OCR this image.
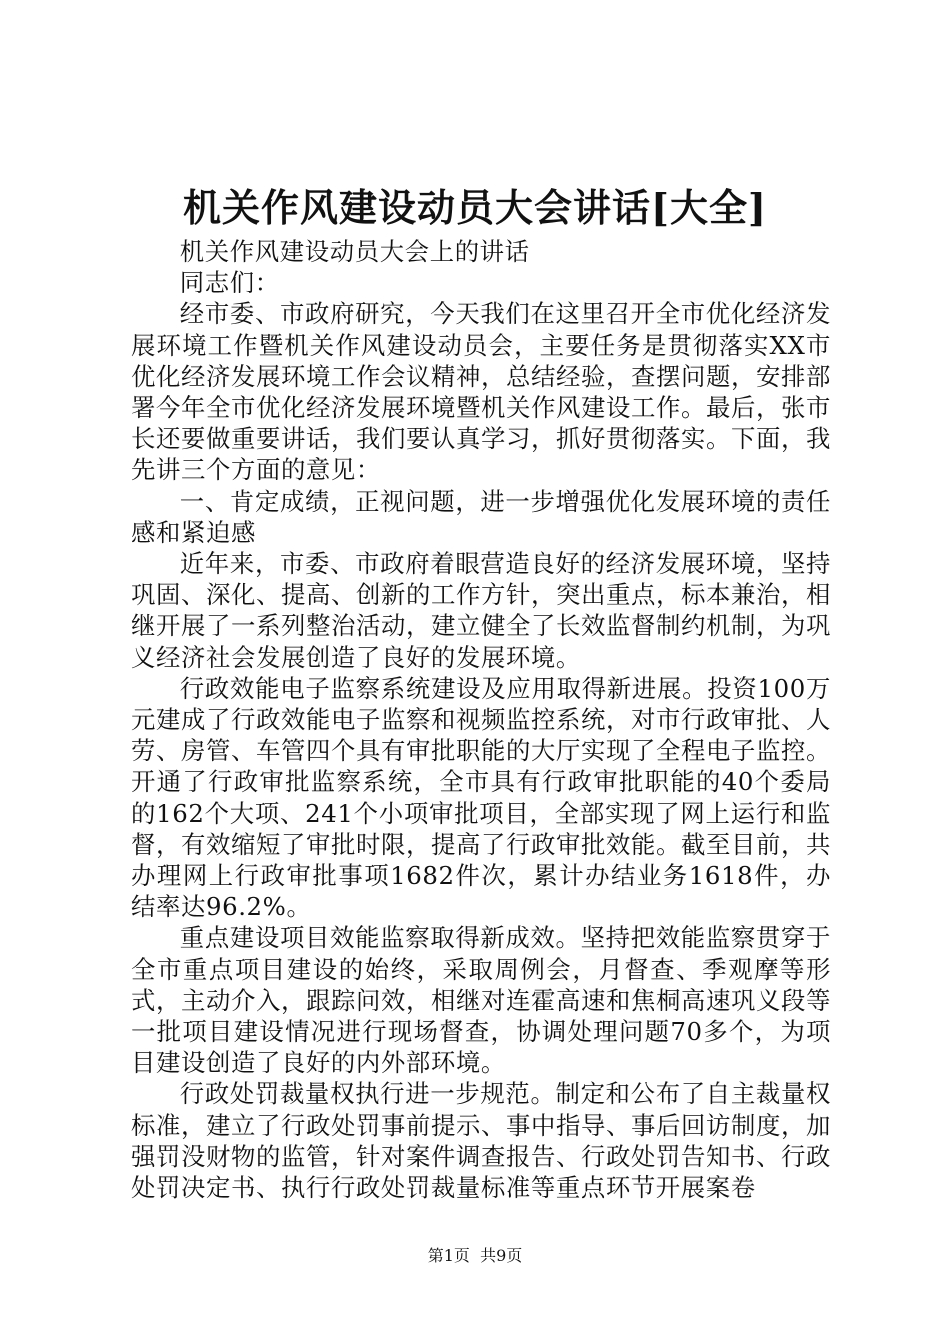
机关作风建设动员大会讲话[大全]

机关作风建设动员大会上的讲话

同志们：

经市委、市政府研究，今天我们在这里召开全市优化经济发展环境工作暨机关作风建设动员会，主要任务是贯彻落实XX市优化经济发展环境工作会议精神，总结经验，查摆问题，安排部署今年全市优化经济发展环境暨机关作风建设工作。最后，张市长还要做重要讲话，我们要认真学习，抓好贯彻落实。下面，我先讲三个方面的意见：

一、肯定成绩，正视问题，进一步增强优化发展环境的责任感和紧迫感

近年来，市委、市政府着眼营造良好的经济发展环境，坚持巩固、深化、提高、创新的工作方针，突出重点，标本兼治，相继开展了一系列整治活动，建立健全了长效监督制约机制，为巩义经济社会发展创造了良好的发展环境。

行政效能电子监察系统建设及应用取得新进展。投资100万元建成了行政效能电子监察和视频监控系统，对市行政审批、人劳、房管、车管四个具有审批职能的大厅实现了全程电子监控。开通了行政审批监察系统，全市具有行政审批职能的40个委局的162个大项、241个小项审批项目，全部实现了网上运行和监督，有效缩短了审批时限，提高了行政审批效能。截至目前，共办理网上行政审批事项1682件次，累计办结业务1618件，办结率达96.2%。

重点建设项目效能监察取得新成效。坚持把效能监察贯穿于全市重点项目建设的始终，采取周例会，月督查、季观摩等形式，主动介入，跟踪问效，相继对连霍高速和焦桐高速巩义段等一批项目建设情况进行现场督查，协调处理问题70多个，为项目建设创造了良好的内外部环境。

行政处罚裁量权执行进一步规范。制定和公布了自主裁量权标准，建立了行政处罚事前提示、事中指导、事后回访制度，加强罚没财物的监管，针对案件调查报告、行政处罚告知书、行政处罚决定书、执行行政处罚裁量标准等重点环节开展案卷

第1页  共9页
